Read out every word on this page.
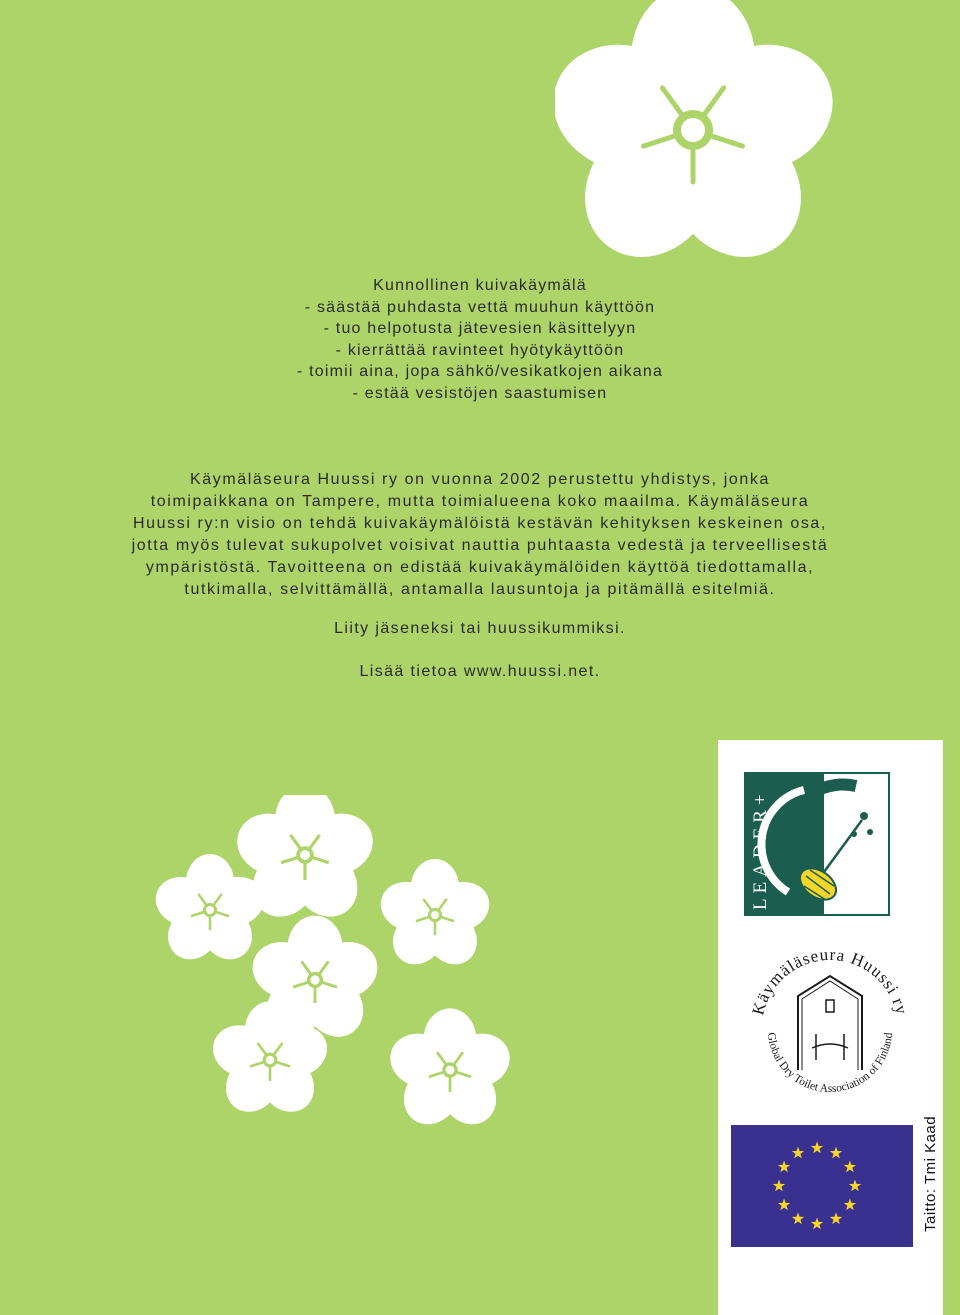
Kunnollinen kuivakäymälä
- säästää puhdasta vettä muuhun käyttöön
- tuo helpotusta jätevesien käsittelyyn
- kierrättää ravinteet hyötykäyttöön
- toimii aina, jopa sähkö/vesikatkojen aikana
- estää vesistöjen saastumisen
Käymäläseura Huussi ry on vuonna 2002 perustettu yhdistys, jonka
toimipaikkana on Tampere, mutta toimialueena koko maailma. Käymäläseura
Huussi ry:n visio on tehdä kuivakäymälöistä kestävän kehityksen keskeinen osa,
jotta myös tulevat sukupolvet voisivat nauttia puhtaasta vedestä ja terveellisestä
ympäristöstä. Tavoitteena on edistää kuivakäymälöiden käyttöä tiedottamalla,
tutkimalla, selvittämällä, antamalla lausuntoja ja pitämällä esitelmiä.
Liity jäseneksi tai huussikummiksi.
Lisää tietoa www.huussi.net.
LEADER+
Käymäläseura Huussi ry
Global Dry Toilet Association of Finland
Taitto: Tmi Kaad
